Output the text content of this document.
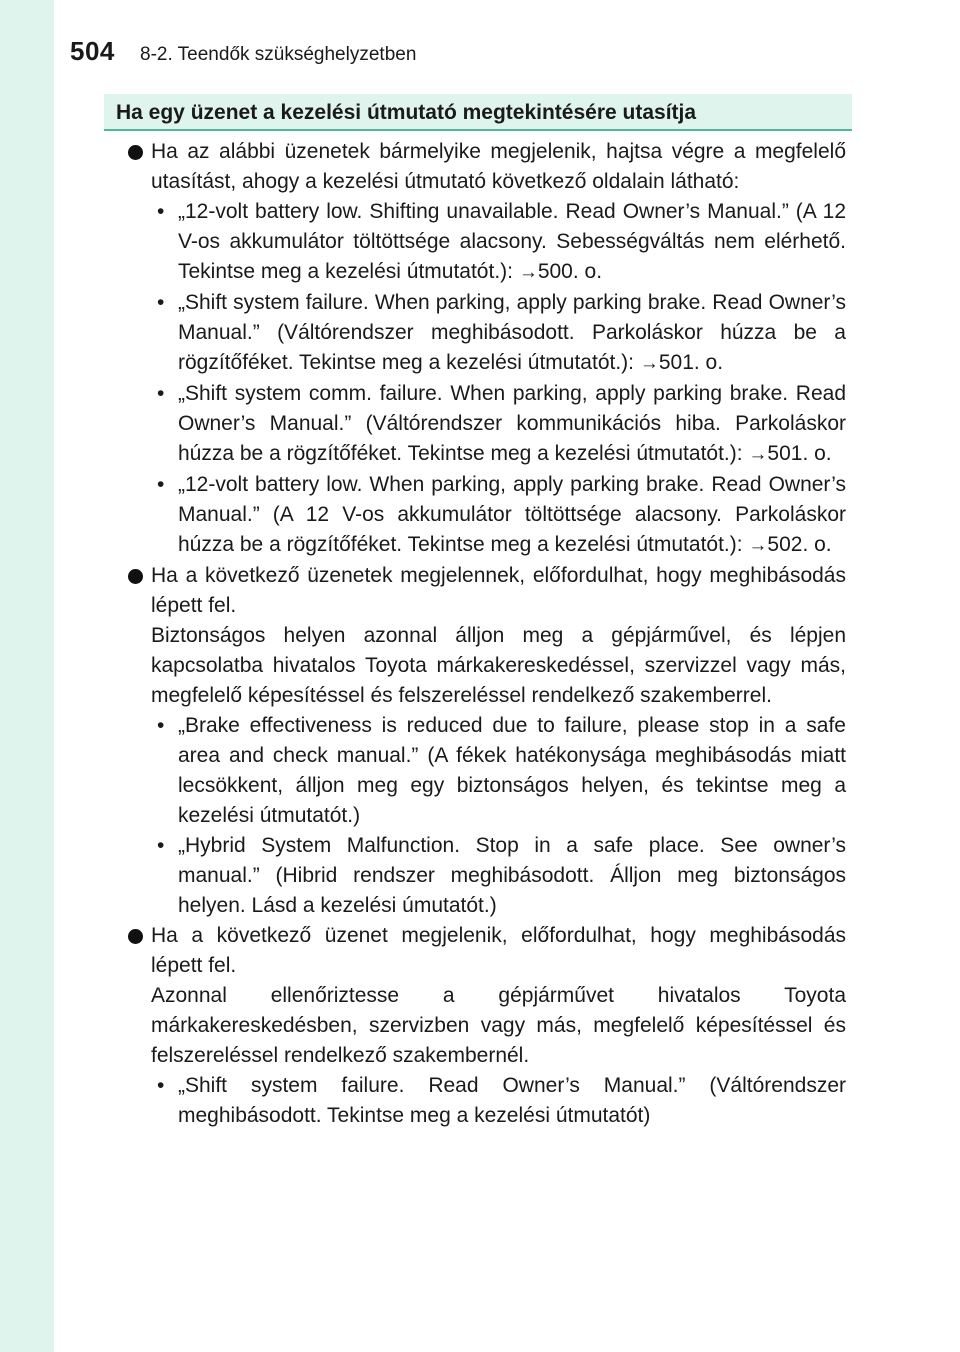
504 8-2. Teendők szükséghelyzetben
Ha egy üzenet a kezelési útmutató megtekintésére utasítja
Ha az alábbi üzenetek bármelyike megjelenik, hajtsa végre a megfelelő utasítást, ahogy a kezelési útmutató következő oldalain látható:
• „12-volt battery low. Shifting unavailable. Read Owner’s Manual.” (A 12 V-os akkumulátor töltöttsége alacsony. Sebességváltás nem elérhető. Tekintse meg a kezelési útmutatót.): →500. o.
• „Shift system failure. When parking, apply parking brake. Read Owner’s Manual.” (Váltórendszer meghibásodott. Parkoláskor húzza be a rögzítőféket. Tekintse meg a kezelési útmutatót.): →501. o.
• „Shift system comm. failure. When parking, apply parking brake. Read Owner’s Manual.” (Váltórendszer kommunikációs hiba. Parkoláskor húzza be a rögzítőféket. Tekintse meg a kezelési útmutatót.): →501. o.
• „12-volt battery low. When parking, apply parking brake. Read Owner’s Manual.” (A 12 V-os akkumulátor töltöttsége alacsony. Parkoláskor húzza be a rögzítőféket. Tekintse meg a kezelési útmutatót.): →502. o.
Ha a következő üzenetek megjelennek, előfordulhat, hogy meghibásodás lépett fel.
Biztonságos helyen azonnal álljon meg a gépjárművel, és lépjen kapcsolatba hivatalos Toyota márkakereskedéssel, szervizzel vagy más, megfelelő képesítéssel és felszereléssel rendelkező szakemberrel.
• „Brake effectiveness is reduced due to failure, please stop in a safe area and check manual.” (A fékek hatékonysága meghibásodás miatt lecsökkent, álljon meg egy biztonságos helyen, és tekintse meg a kezelési útmutatót.)
• „Hybrid System Malfunction. Stop in a safe place. See owner’s manual.” (Hibrid rendszer meghibásodott. Álljon meg biztonságos helyen. Lásd a kezelési úmutatót.)
Ha a következő üzenet megjelenik, előfordulhat, hogy meghibásodás lépett fel.
Azonnal ellenőriztesse a gépjárművet hivatalos Toyota márkakereskedésben, szervizben vagy más, megfelelő képesítéssel és felszereléssel rendelkező szakembernél.
• „Shift system failure. Read Owner’s Manual.” (Váltórendszer meghibásodott. Tekintse meg a kezelési útmutatót)
